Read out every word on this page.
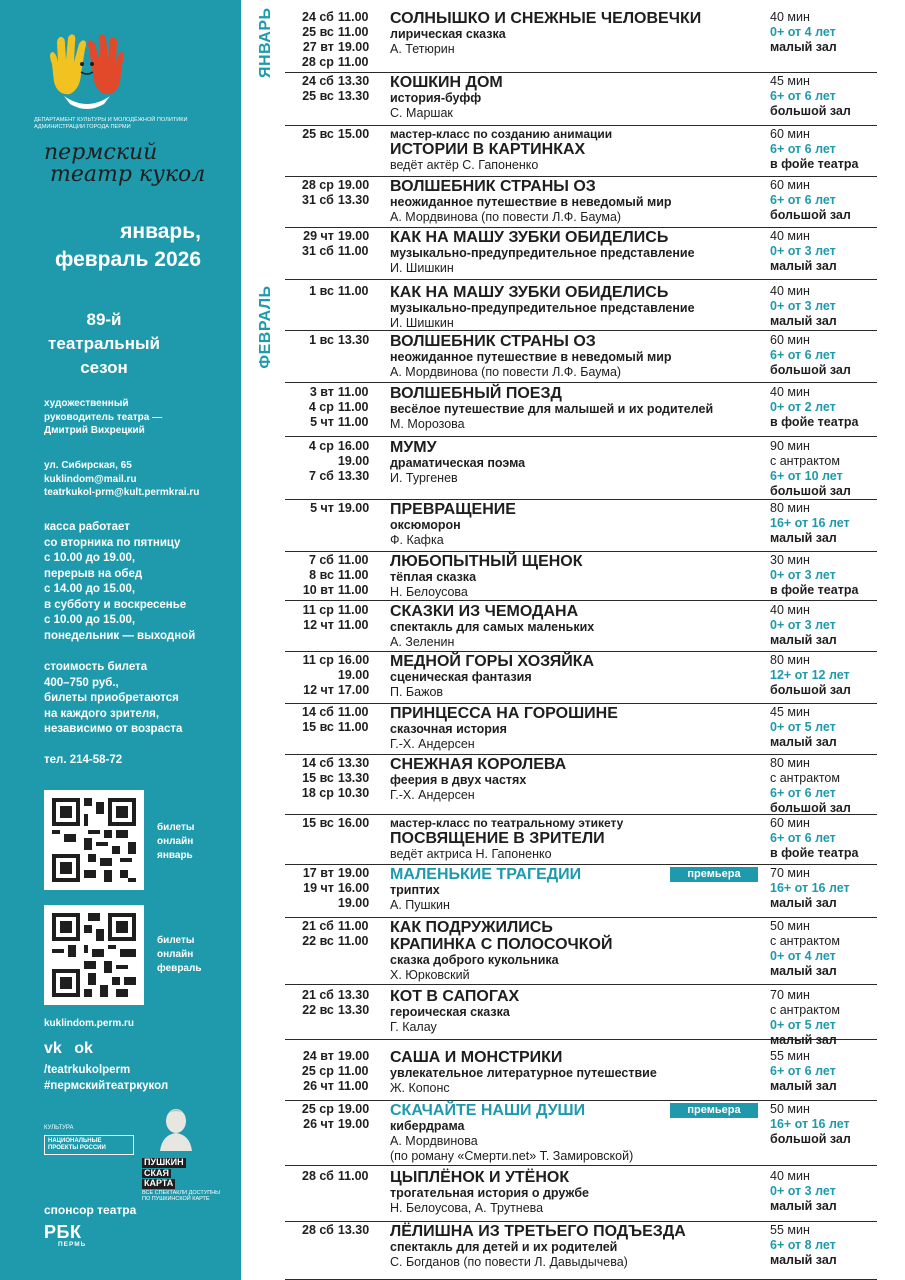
ДЕПАРТАМЕНТ КУЛЬТУРЫ И МОЛОДЁЖНОЙ ПОЛИТИКИ АДМИНИСТРАЦИИ ГОРОДА ПЕРМИ
пермский
театр кукол
январь,
февраль 2026
89-й
театральный
сезон
художественный
руководитель театра —
Дмитрий Вихрецкий
ул. Сибирская, 65
kuklindom@mail.ru
teatrkukol-prm@kult.permkrai.ru
касса работает
со вторника по пятницу
с 10.00 до 19.00,
перерыв на обед
с 14.00 до 15.00,
в субботу и воскресенье
с 10.00 до 15.00,
понедельник — выходной
стоимость билета
400–750 руб.,
билеты приобретаются
на каждого зрителя,
независимо от возраста
тел. 214-58-72
билеты
онлайн
январь
билеты
онлайн
февраль
kuklindom.perm.ru
vk ok
/teatrkukolperm
#пермскийтеатркукол
КУЛЬТУРА
НАЦИОНАЛЬНЫЕ ПРОЕКТЫ РОССИИ
ПУШКИН
СКАЯ
КАРТА
ВСЕ СПЕКТАКЛИ ДОСТУПНЫ ПО ПУШКИНСКОЙ КАРТЕ
спонсор театра
РБК
ПЕРМЬ
ЯНВАРЬ
ФЕВРАЛЬ
24 сб 11.00
25 вс 11.00
27 вт 19.00
28 ср 11.00
СОЛНЫШКО И СНЕЖНЫЕ ЧЕЛОВЕЧКИ
лирическая сказка
А. Тетюрин
40 мин
0+ от 4 лет
малый зал
24 сб 13.30
25 вс 13.30
КОШКИН ДОМ
история-буфф
С. Маршак
45 мин
6+ от 6 лет
большой зал
25 вс 15.00	мастер-класс по созданию анимации
ИСТОРИИ В КАРТИНКАХ
ведёт актёр С. Гапоненко
60 мин
6+ от 6 лет
в фойе театра
28 ср 19.00
31 сб 13.30
ВОЛШЕБНИК СТРАНЫ ОЗ
неожиданное путешествие в неведомый мир
А. Мордвинова (по повести Л.Ф. Баума)
60 мин
6+ от 6 лет
большой зал
29 чт 19.00
31 сб 11.00
КАК НА МАШУ ЗУБКИ ОБИДЕЛИСЬ
музыкально-предупредительное представление
И. Шишкин
40 мин
0+ от 3 лет
малый зал
1 вс 11.00	КАК НА МАШУ ЗУБКИ ОБИДЕЛИСЬ
музыкально-предупредительное представление
И. Шишкин
40 мин
0+ от 3 лет
малый зал
1 вс 13.30	ВОЛШЕБНИК СТРАНЫ ОЗ
неожиданное путешествие в неведомый мир
А. Мордвинова (по повести Л.Ф. Баума)
60 мин
6+ от 6 лет
большой зал
3 вт 11.00
4 ср 11.00
5 чт 11.00
ВОЛШЕБНЫЙ ПОЕЗД
весёлое путешествие для малышей и их родителей
М. Морозова
40 мин
0+ от 2 лет
в фойе театра
4 ср 16.00
19.00
7 сб 13.30
МУМУ
драматическая поэма
И. Тургенев
90 мин
с антрактом
6+ от 10 лет
большой зал
5 чт 19.00	ПРЕВРАЩЕНИЕ
оксюморон
Ф. Кафка
80 мин
16+ от 16 лет
малый зал
7 сб 11.00
8 вс 11.00
10 вт 11.00
ЛЮБОПЫТНЫЙ ЩЕНОК
тёплая сказка
Н. Белоусова
30 мин
0+ от 3 лет
в фойе театра
11 ср 11.00
12 чт 11.00
СКАЗКИ ИЗ ЧЕМОДАНА
спектакль для самых маленьких
А. Зеленин
40 мин
0+ от 3 лет
малый зал
11 ср 16.00
19.00
12 чт 17.00
МЕДНОЙ ГОРЫ ХОЗЯЙКА
сценическая фантазия
П. Бажов
80 мин
12+ от 12 лет
большой зал
14 сб 11.00
15 вс 11.00
ПРИНЦЕССА НА ГОРОШИНЕ
сказочная история
Г.-Х. Андерсен
45 мин
0+ от 5 лет
малый зал
14 сб 13.30
15 вс 13.30
18 ср 10.30
СНЕЖНАЯ КОРОЛЕВА
феерия в двух частях
Г.-Х. Андерсен
80 мин
с антрактом
6+ от 6 лет
большой зал
15 вс 16.00	мастер-класс по театральному этикету
ПОСВЯЩЕНИЕ В ЗРИТЕЛИ
ведёт актриса Н. Гапоненко
60 мин
6+ от 6 лет
в фойе театра
17 вт 19.00
19 чт 16.00
19.00
МАЛЕНЬКИЕ ТРАГЕДИИ
триптих
А. Пушкин
премьера	70 мин
16+ от 16 лет
малый зал
21 сб 11.00
22 вс 11.00
КАК ПОДРУЖИЛИСЬ
КРАПИНКА С ПОЛОСОЧКОЙ
сказка доброго кукольника
Х. Юрковский
50 мин
с антрактом
0+ от 4 лет
малый зал
21 сб 13.30
22 вс 13.30
КОТ В САПОГАХ
героическая сказка
Г. Калау
70 мин
с антрактом
0+ от 5 лет
малый зал
24 вт 19.00
25 ср 11.00
26 чт 11.00
САША И МОНСТРИКИ
увлекательное литературное путешествие
Ж. Копонс
55 мин
6+ от 6 лет
малый зал
25 ср 19.00
26 чт 19.00
СКАЧАЙТЕ НАШИ ДУШИ
кибердрама
А. Мордвинова
(по роману «Смерти.net» Т. Замировской)
премьера	50 мин
16+ от 16 лет
большой зал
28 сб 11.00	ЦЫПЛЁНОК И УТЁНОК
трогательная история о дружбе
Н. Белоусова, А. Трутнева
40 мин
0+ от 3 лет
малый зал
28 сб 13.30	ЛЁЛИШНА ИЗ ТРЕТЬЕГО ПОДЪЕЗДА
спектакль для детей и их родителей
С. Богданов (по повести Л. Давыдычева)
55 мин
6+ от 8 лет
малый зал
